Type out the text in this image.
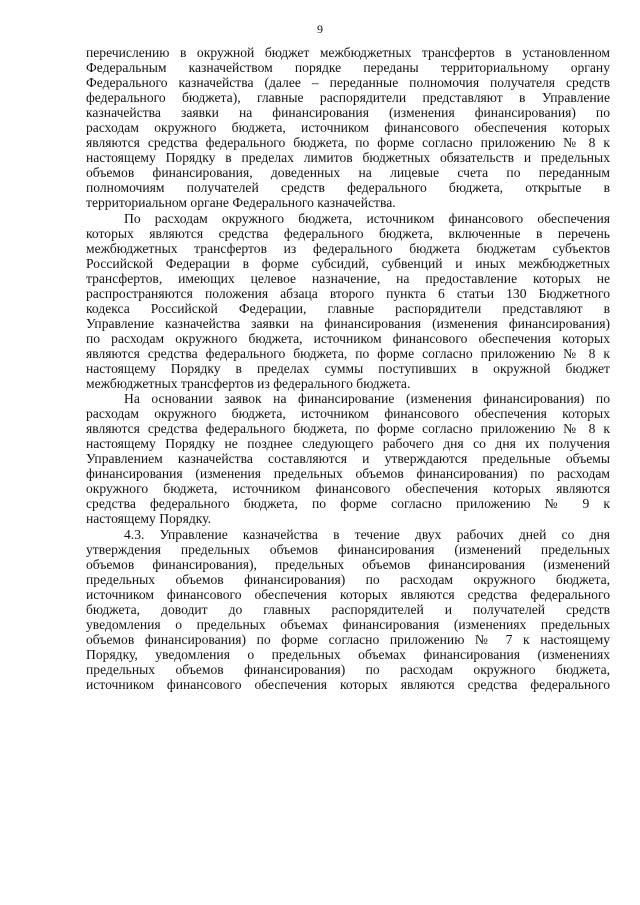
9

перечислению в окружной бюджет межбюджетных трансфертов в установленном
Федеральным казначейством порядке переданы территориальному органу
Федерального казначейства (далее – переданные полномочия получателя средств
федерального бюджета), главные распорядители представляют в Управление
казначейства заявки на финансирования (изменения финансирования) по
расходам окружного бюджета, источником финансового обеспечения которых
являются средства федерального бюджета, по форме согласно приложению № 8 к
настоящему Порядку в пределах лимитов бюджетных обязательств и предельных
объемов финансирования, доведенных на лицевые счета по переданным
полномочиям получателей средств федерального бюджета, открытые в
территориальном органе Федерального казначейства.

По расходам окружного бюджета, источником финансового обеспечения
которых являются средства федерального бюджета, включенные в перечень
межбюджетных трансфертов из федерального бюджета бюджетам субъектов
Российской Федерации в форме субсидий, субвенций и иных межбюджетных
трансфертов, имеющих целевое назначение, на предоставление которых не
распространяются положения абзаца второго пункта 6 статьи 130 Бюджетного
кодекса Российской Федерации, главные распорядители представляют в
Управление казначейства заявки на финансирования (изменения финансирования)
по расходам окружного бюджета, источником финансового обеспечения которых
являются средства федерального бюджета, по форме согласно приложению № 8 к
настоящему Порядку в пределах суммы поступивших в окружной бюджет
межбюджетных трансфертов из федерального бюджета.

На основании заявок на финансирование (изменения финансирования) по
расходам окружного бюджета, источником финансового обеспечения которых
являются средства федерального бюджета, по форме согласно приложению № 8 к
настоящему Порядку не позднее следующего рабочего дня со дня их получения
Управлением казначейства составляются и утверждаются предельные объемы
финансирования (изменения предельных объемов финансирования) по расходам
окружного бюджета, источником финансового обеспечения которых являются
средства федерального бюджета, по форме согласно приложению № 9 к
настоящему Порядку.

4.3. Управление казначейства в течение двух рабочих дней со дня
утверждения предельных объемов финансирования (изменений предельных
объемов финансирования), предельных объемов финансирования (изменений
предельных объемов финансирования) по расходам окружного бюджета,
источником финансового обеспечения которых являются средства федерального
бюджета, доводит до главных распорядителей и получателей средств
уведомления о предельных объемах финансирования (изменениях предельных
объемов финансирования) по форме согласно приложению № 7 к настоящему
Порядку, уведомления о предельных объемах финансирования (изменениях
предельных объемов финансирования) по расходам окружного бюджета,
источником финансового обеспечения которых являются средства федерального
